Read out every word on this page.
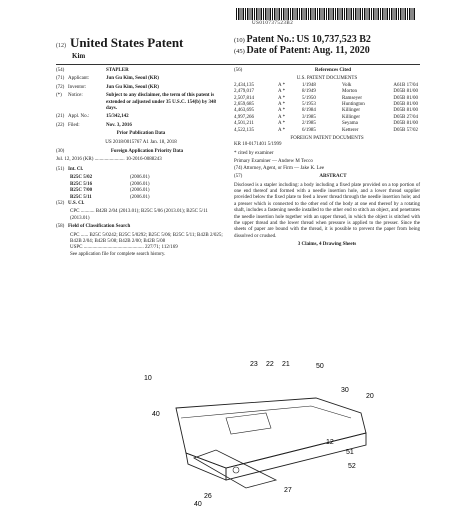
US010737523B2
(12) United States Patent
Kim
(10) Patent No.: US 10,737,523 B2
(45) Date of Patent: Aug. 11, 2020
(54)	STAPLER
(71) Applicant:	Jun Gu Kim, Seoul (KR)
(72) Inventor:	Jun Gu Kim, Seoul (KR)
(*)	Notice:	Subject to any disclaimer, the term of this patent is extended or adjusted under 35 U.S.C. 154(b) by 348 days.
(21) Appl. No.:	15/342,142
(22) Filed:	Nov. 3, 2016
Prior Publication Data
US 2018/0015767 A1 Jan. 18, 2018
(30)	Foreign Application Priority Data
Jul. 12, 2016 (KR) ........................ 10-2016-0088243
(51) Int. Cl.
B25C 5/02	(2006.01)
B25C 5/16	(2006.01)
B25C 7/00	(2006.01)
B25C 5/11	(2006.01)
(52) U.S. Cl.
CPC ........... B42B 2/04 (2013.01); B25C 5/06 (2013.01); B25C 5/11 (2013.01)
(58) Field of Classification Search
CPC ...... B25C 5/0242; B25C 5/0292; B25C 5/06; B25C 5/11; B42B 2/025; B42B 2/04; B42B 5/08; B42B 2/00; B42B 5/08
USPC ................................................ 227/71; 112/169
See application file for complete search history.
(56)	References Cited
U.S. PATENT DOCUMENTS
2,434,135	A *	1/1948	Volk	A61B 17/04
2,479,017	A *	8/1949	Morton	D05B 81/00
2,507,814	A *	5/1950	Ramseyer	D05B 81/00
2,659,685	A *	5/1953	Huntington	D05B 81/00
4,463,695	A *	8/1984	Killinger	D05B 81/00
4,997,266	A *	3/1985	Killinger	D05B 27/04
4,501,211	A *	2/1985	Seyama	D05B 81/00
4,522,135	A *	6/1985	Ketterer	D05B 57/02
FOREIGN PATENT DOCUMENTS
KR 10-0171401 5/1999
* cited by examiner
Primary Examiner — Andrew M Tecco
(74) Attorney, Agent, or Firm — Jake K. Lee
(57)	ABSTRACT
Disclosed is a stapler including: a body including a fixed plate provided on a top portion of one end thereof and formed with a needle insertion hole, and a lower thread supplier provided below the fixed plate to feed a lower thread through the needle insertion hole; and a presser which is connected to the other end of the body at one end thereof by a rotating shaft, includes a fastening needle installed to the other end to stitch an object, and penetrates the needle insertion hole together with an upper thread, in which the object is stitched with the upper thread and the lower thread when pressure is applied to the presser. Since the sheets of paper are bound with the thread, it is possible to prevent the paper from being dissolved or crushed.
3 Claims, 4 Drawing Sheets
10
23 22 21	50
20
30
40
12
51
52
27
26
40
